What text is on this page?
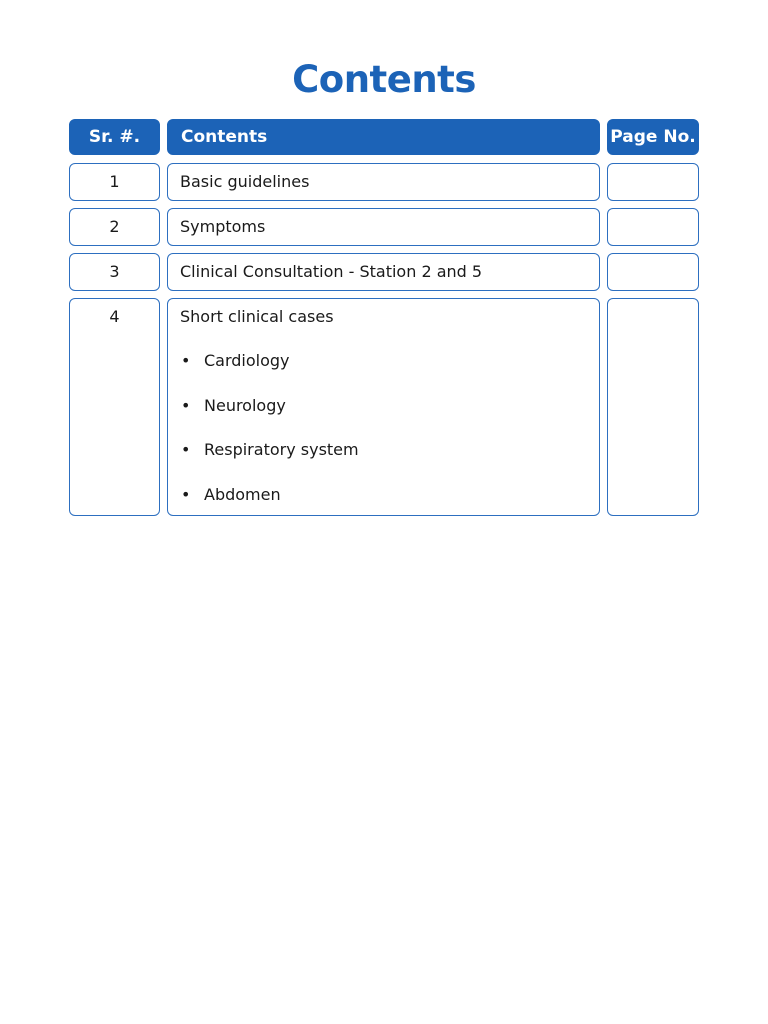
Contents
Sr. #.	Contents	Page No.
1	Basic guidelines
2	Symptoms
3	Clinical Consultation - Station 2 and 5
4	Short clinical cases
• Cardiology
• Neurology
• Respiratory system
• Abdomen
